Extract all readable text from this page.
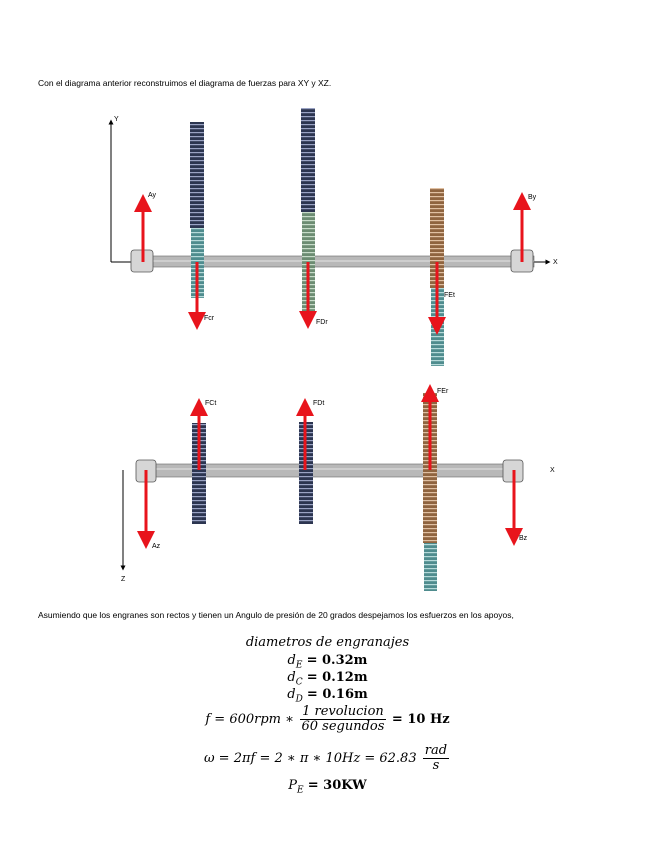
Con el diagrama anterior reconstruimos el diagrama de fuerzas para XY y XZ.
Y
X
Ay	By
Fcr
FDr
FEt
Z
X
FCt	FDt
FEr
Az
Bz
Asumiendo que los engranes son rectos y tienen un Angulo de presión de 20 grados despejamos los esfuerzos en los apoyos,
diametros de engranajes
$d_E = 0.32m$
$d_C = 0.12m$
$d_D = 0.16m$
f = 600rpm ∗ $\frac{\text{1 revolucion}}{\text{60 segundos}} = 10$ Hz
ω = 2πf = 2 ∗ π ∗ $10Hz = 62.83 \frac{\text{rad}}{s}$
$P_E = 30KW$
